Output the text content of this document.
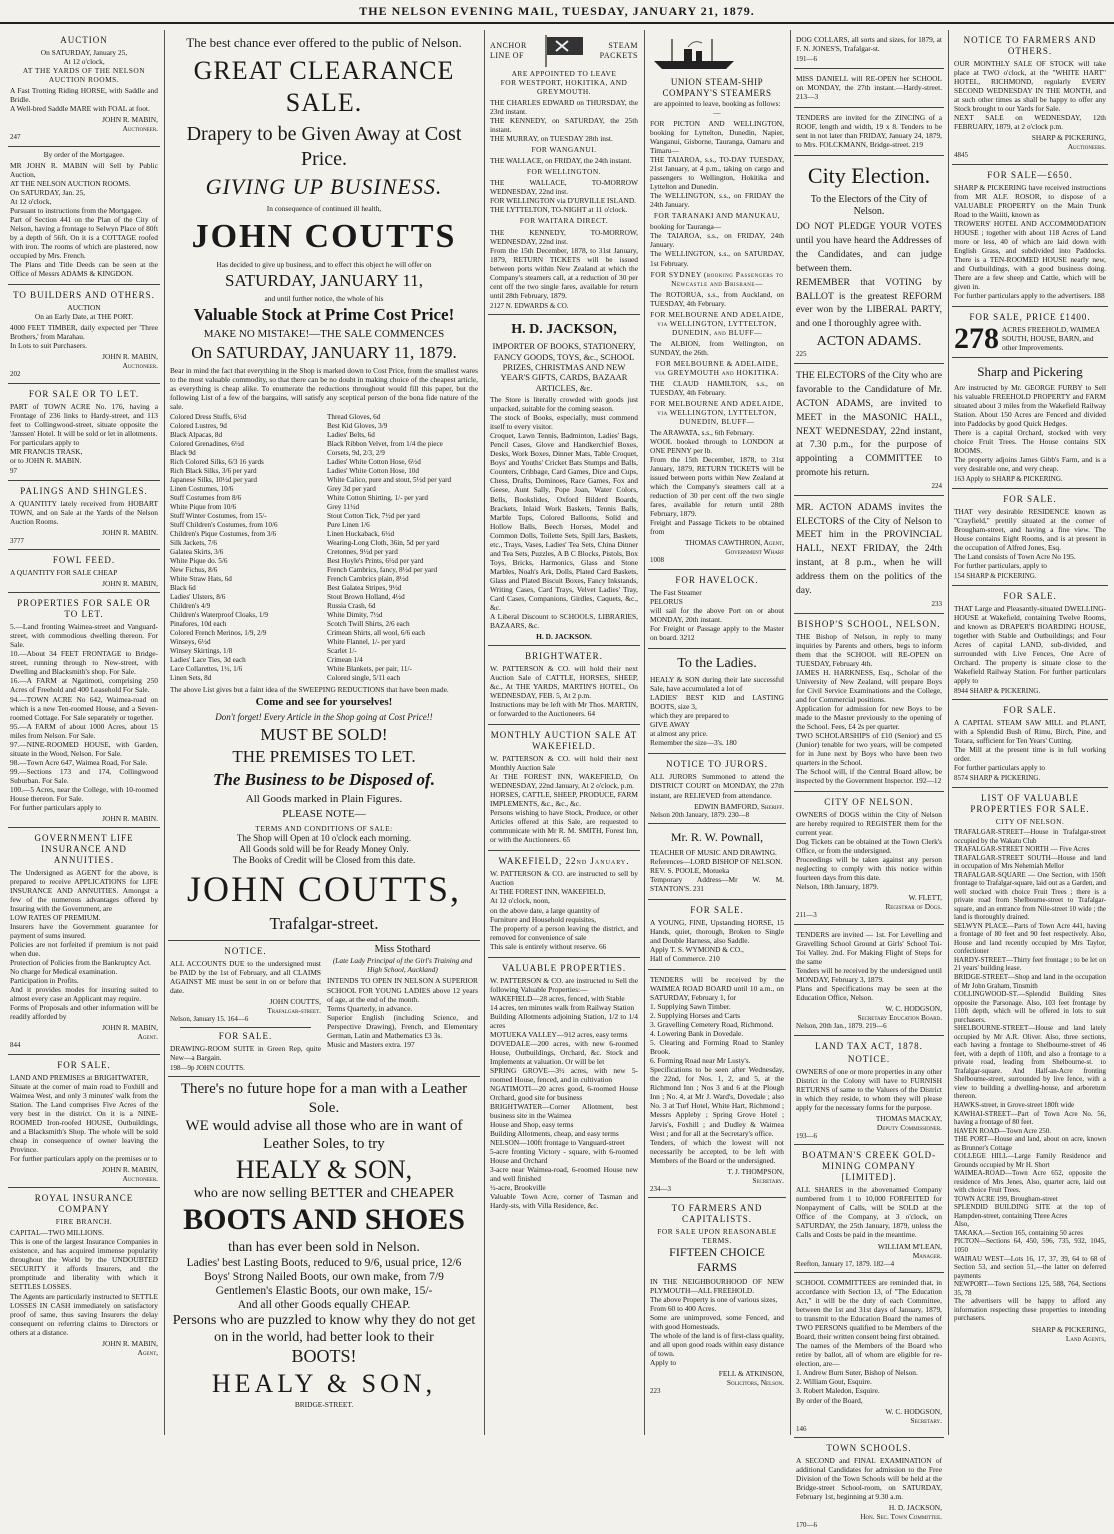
THE NELSON EVENING MAIL, TUESDAY, JANUARY 21, 1879.
AUCTION
On SATURDAY, January 25,
At 12 o'clock,
AT THE YARDS OF THE NELSON
AUCTION ROOMS.
A Fast Trotting Riding HORSE, with Saddle and Bridle.
A Well-bred Saddle MARE with FOAL at foot.
JOHN R. MABIN,
Auctioneer.
247
By order of the Mortgagee.
MR JOHN R. MABIN will Sell by Public Auction,
AT THE NELSON AUCTION ROOMS.
On SATURDAY, Jan. 25,
At 12 o'clock,
Pursuant to instructions from the Mortgagee.
Part of Section 441 on the Plan of the City of Nelson, having a frontage to Selwyn Place of 80ft by a depth of 56ft. On it is a COTTAGE roofed with iron. The rooms of which are plastered, now occupied by Mrs. French.
The Plans and Title Deeds can be seen at the Office of Messrs ADAMS & KINGDON.
TO BUILDERS AND OTHERS.
AUCTION
On an Early Date, at THE PORT.
4000 FEET TIMBER, daily expected per 'Three Brothers,' from Marahau.
In Lots to suit Purchasers.
JOHN R. MABIN,
Auctioneer.
202
FOR SALE OR TO LET.
PART of TOWN ACRE No. 176, having a Frontage of 236 links to Hardy-street, and 113 feet to Collingwood-street, situate opposite the 'Janssen' Hotel. It will be sold or let in allotments.
For particulars apply to
MR FRANCIS TRASK,
or to JOHN R. MABIN.
97
PALINGS AND SHINGLES.
A QUANTITY lately received from HOBART TOWN, and on Sale at the Yards of the Nelson Auction Rooms.
JOHN R. MABIN.
3777
FOWL FEED.
A QUANTITY FOR SALE CHEAP
JOHN R. MABIN,
PROPERTIES FOR SALE OR TO LET.
5.—Land fronting Waimea-street and Vanguard-street, with commodious dwelling thereon. For Sale.
10.—About 34 FEET FRONTAGE to Bridge-street, running through to New-street, with Dwelling and Blacksmith's shop. For Sale.
16.—A FARM at Ngatimoti, comprising 250 Acres of Freehold and 400 Leasehold For Sale.
94.—TOWN ACRE No 642, Waimea-road on which is a new Ten-roomed House, and a Seven-roomed Cottage. For Sale separately or together.
95.—A FARM of about 1000 Acres, about 15 miles from Nelson. For Sale.
97.—NINE-ROOMED HOUSE, with Garden, situate in the Wood, Nelson. For Sale.
98.—Town Acre 647, Waimea Road, For Sale.
99.—Sections 173 and 174, Collingwood Suburban. For Sale.
100.—5 Acres, near the College, with 10-roomed House thereon. For Sale.
For further particulars apply to
JOHN R. MABIN.
GOVERNMENT LIFE INSURANCE AND ANNUITIES.
The Undersigned as AGENT for the above, is prepared to receive APPLICATIONS for LIFE INSURANCE AND ANNUITIES. Amongst a few of the numerous advantages offered by Insuring with the Government, are
LOW RATES OF PREMIUM.
Insurers have the Government guarantee for payment of sums insured.
Policies are not forfeited if premium is not paid when due.
Protection of Policies from the Bankruptcy Act.
No charge for Medical examination.
Participation in Profits.
And it provides modes for insuring suited to almost every case an Applicant may require.
Forms of Proposals and other information will be readily afforded by
JOHN R. MABIN,
Agent.
844
FOR SALE.
LAND AND PREMISES at BRIGHTWATER,
Situate at the corner of main road to Foxhill and Waimea West, and only 3 minutes' walk from the Station. The Land comprises Five Acres of the very best in the district. On it is a NINE-ROOMED Iron-roofed HOUSE, Outbuildings, and a Blacksmith's Shop. The whole will be sold cheap in consequence of owner leaving the Province.
For further particulars apply on the premises or to
JOHN R. MABIN,
Auctioneer.
ROYAL INSURANCE COMPANY
FIRE BRANCH.
CAPITAL—TWO MILLIONS.
This is one of the largest Insurance Companies in existence, and has acquired immense popularity throughout the World by the UNDOUBTED SECURITY it affords Insurers, and the promptitude and liberality with which it SETTLES LOSSES.
The Agents are particularly instructed to SETTLE LOSSES IN CASH immediately on satisfactory proof of same, thus saving Insurers the delay consequent on referring claims to Directors or others at a distance.
JOHN R. MABIN,
Agent,
The best chance ever offered to the public of Nelson.
GREAT CLEARANCE SALE.
Drapery to be Given Away at Cost Price.
GIVING UP BUSINESS.
In consequence of continued ill health,
JOHN COUTTS
Has decided to give up business, and to effect this object he will offer on
SATURDAY, JANUARY 11,
and until further notice, the whole of his
Valuable Stock at Prime Cost Price!
MAKE NO MISTAKE!—THE SALE COMMENCES
On SATURDAY, JANUARY 11, 1879.
Bear in mind the fact that everything in the Shop is marked down to Cost Price, from the smallest wares to the most valuable commodity, so that there can be no doubt in making choice of the cheapest article, as everything is cheap alike. To enumerate the reductions throughout would fill this paper, but the following List of a few of the bargains, will satisfy any sceptical person of the bona fide nature of the sale.
Colored Dress Stuffs, 6½d
Colored Lustres, 9d
Black Alpacas, 8d
Colored Grenadines, 6½d
Black 9d
Rich Colored Silks, 6/3 16 yards
Rich Black Silks, 3/6 per yard
Japanese Silks, 10½d per yard
Linen Costumes, 10/6
Stuff Costumes from 8/6
White Pique from 10/6
Stuff Winter Costumes, from 15/-
Stuff Children's Costumes, from 10/6
Children's Pique Costumes, from 3/6
Silk Jackets, 7/6
Galatea Skirts, 3/6
White Pique do. 5/6
New Fichus, 8/6
White Straw Hats, 6d
Black 6d
Ladies' Ulsters, 8/6
Children's 4/9
Children's Waterproof Cloaks, 1/9
Pinafores, 10d each
Colored French Merinos, 1/9, 2/9
Winseys, 6½d
Winsey Skirtings, 1/8
Ladies' Lace Ties, 3d each
Lace Collarettes, 1½, 1/6
Linen Sets, 8d
Thread Gloves, 6d
Best Kid Gloves, 3/9
Ladies' Belts, 6d
Black Ribbon Velvet, from 1/4 the piece
Corsets, 9d, 2/3, 2/9
Ladies' White Cotton Hose, 6½d
Ladies' White Cotton Hose, 10d
White Calico, pure and stout, 5½d per yard
Grey 3d per yard
White Cotton Shirting, 1/- per yard
Grey 11½d
Stout Cotton Tick, 7½d per yard
Pure Linen 1/6
Linen Huckaback, 6½d
Wearing-Long Cloth, 36in, 5d per yard
Cretonnes, 9½d per yard
Best Hoyle's Prints, 6½d per yard
French Cambrics, fancy, 8½d per yard
French Cambrics plain, 8½d
Best Galatea Stripes, 9½d
Stout Brown Holland, 4½d
Russia Crash, 6d
White Dimity, 7½d
Scotch Twill Shirts, 2/6 each
Crimean Shirts, all wool, 6/6 each
White Flannel, 1/- per yard
Scarlet 1/-
Crimean 1/4
White Blankets, per pair, 11/-
Colored single, 5/11 each
The above List gives but a faint idea of the SWEEPING REDUCTIONS that have been made.
Come and see for yourselves!
Don't forget! Every Article in the Shop going at Cost Price!!
MUST BE SOLD!
THE PREMISES TO LET.
The Business to be Disposed of.
All Goods marked in Plain Figures.
PLEASE NOTE—
TERMS AND CONDITIONS OF SALE:
The Shop will Open at 10 o'clock each morning.
All Goods sold will be for Ready Money Only.
The Books of Credit will be Closed from this date.
JOHN COUTTS,
Trafalgar-street.
NOTICE.
ALL ACCOUNTS DUE to the undersigned must be PAID by the 1st of February, and all CLAIMS AGAINST ME must be sent in on or before that date.
JOHN COUTTS,
Trafalgar-street.
Nelson, January 15. 164—6
FOR SALE.
DRAWING-ROOM SUITE in Green Rep, quite New—a Bargain.
198—9p JOHN COUTTS.
Miss Stothard
(Late Lady Principal of the Girl's Training and High School, Auckland)
INTENDS TO OPEN IN NELSON A SUPERIOR SCHOOL FOR YOUNG LADIES above 12 years of age, at the end of the month.
Terms Quarterly, in advance.
Superior English (including Science, and Perspective Drawing), French, and Elementary German, Latin and Mathematics £3 3s.
Music and Masters extra. 197
There's no future hope for a man with a Leather Sole.
WE would advise all those who are in want of Leather Soles, to try
HEALY & SON,
who are now selling BETTER and CHEAPER
BOOTS AND SHOES
than has ever been sold in Nelson.
Ladies' best Lasting Boots, reduced to 9/6, usual price, 12/6
Boys' Strong Nailed Boots, our own make, from 7/9
Gentlemen's Elastic Boots, our own make, 15/-
And all other Goods equally CHEAP.
Persons who are puzzled to know why they do not get on in the world, had better look to their
BOOTS!
HEALY & SON,
BRIDGE-STREET.
ANCHOR
LINE OF
STEAM
PACKETS
ARE APPOINTED TO LEAVE
FOR WESTPORT, HOKITIKA, AND GREYMOUTH.
THE CHARLES EDWARD on THURSDAY, the 23rd instant.
THE KENNEDY, on SATURDAY, the 25th instant.
THE MURRAY, on TUESDAY 28th inst.
FOR WANGANUI.
THE WALLACE, on FRIDAY, the 24th instant.
FOR WELLINGTON.
THE WALLACE, TO-MORROW WEDNESDAY, 22nd inst.
FOR WELLINGTON via D'URVILLE ISLAND.
THE LYTTELTON, TO-NIGHT at 11 o'clock.
FOR WAITARA DIRECT.
THE KENNEDY, TO-MORROW, WEDNESDAY, 22nd inst.
From the 15th December, 1878, to 31st January, 1879, RETURN TICKETS will be issued between ports within New Zealand at which the Company's steamers call, at a reduction of 30 per cent off the two single fares, available for return until 28th February, 1879.
2127 N. EDWARDS & CO.
H. D. JACKSON,
IMPORTER OF BOOKS, STATIONERY, FANCY GOODS, TOYS, &c., SCHOOL PRIZES, CHRISTMAS AND NEW YEAR'S GIFTS, CARDS, BAZAAR ARTICLES, &c.
The Store is literally crowded with goods just unpacked, suitable for the coming season.
The stock of Books, especially, must commend itself to every visitor.
Croquet, Lawn Tennis, Badminton, Ladies' Bags, Pencil Cases, Glove and Handkerchief Boxes, Desks, Work Boxes, Dinner Mats, Table Croquet, Boys' and Youths' Cricket Bats Stumps and Balls, Counters, Cribbage, Card Games, Dice and Cups, Chess, Drafts, Dominoes, Race Games, Fox and Geese, Aunt Sally, Pope Joan, Water Colors, Bells, Bookslides, Oxford Bilderd Boards, Brackets, Inlaid Work Baskets, Tennis Balls, Marble Tops, Colored Balloons, Solid and Hollow Balls, Beech Horses, Model and Common Dolls, Toilette Sets, Spill Jars, Baskets, etc., Trays, Vases, Ladies' Tea Sets, China Dinner and Tea Sets, Puzzles, A B C Blocks, Pistols, Box Toys, Bricks, Harmonics, Glass and Stone Marbles, Noah's Ark, Dolls, Plated Card Baskets, Glass and Plated Biscuit Boxes, Fancy Inkstands, Writing Cases, Card Trays, Velvet Ladies' Tray, Card Cases, Companions, Girdles, Caquets, &c., &c.
A Liberal Discount to SCHOOLS, LIBRARIES, BAZAARS, &c.
H. D. JACKSON.
BRIGHTWATER.
W. PATTERSON & CO. will hold their next Auction Sale of CATTLE, HORSES, SHEEP, &c., At THE YARDS, MARTIN'S HOTEL, On WEDNESDAY, FEB. 5, At 2 p.m.
Instructions may be left with Mr Thos. MARTIN, or forwarded to the Auctioneers. 64
MONTHLY AUCTION SALE AT WAKEFIELD.
W. PATTERSON & CO. will hold their next Monthly Auction Sale
At THE FOREST INN, WAKEFIELD, On WEDNESDAY, 22nd January, At 2 o'clock, p.m.
HORSES, CATTLE, SHEEP, PRODUCE, FARM IMPLEMENTS, &c., &c., &c.
Persons wishing to have Stock, Produce, or other Articles offered at this Sale, are requested to communicate with Mr R. M. SMITH, Forest Inn, or with the Auctioneers. 65
WAKEFIELD, 22nd January.
W. PATTERSON & CO. are instructed to sell by Auction
At THE FOREST INN, WAKEFIELD,
At 12 o'clock, noon,
on the above date, a large quantity of
Furniture and Household requisites,
The property of a person leaving the district, and removed for convenience of sale
This sale is entirely without reserve. 66
VALUABLE PROPERTIES.
W. PATTERSON & CO. are instructed to Sell the following Valuable Properties:—
WAKEFIELD—28 acres, fenced, with Stable
14 acres, ten minutes walk from Railway Station
Building Allotments adjoining Station, 1/2 to 1/4 acres
MOTUEKA VALLEY—912 acres, easy terms
DOVEDALE—200 acres, with new 6-roomed House, Outbuildings, Orchard, &c. Stock and Implements at valuation. Or will be let
SPRING GROVE—3½ acres, with new 5-roomed House, fenced, and in cultivation
NGATIMOTI—20 acres good, 6-roomed House Orchard, good site for business
BRIGHTWATER—Corner Allotment, best business site in the Waimea
House and Shop, easy terms
Building Allotments, cheap, and easy terms
NELSON—100ft frontage to Vanguard-street
5-acre fronting Victory - square, with 6-roomed House and Orchard
3-acre near Waimea-road, 6-roomed House new and well finished
½-acre, Brookville
Valuable Town Acre, corner of Tasman and Hardy-sts, with Villa Residence, &c.
UNION STEAM-SHIP COMPANY'S STEAMERS
are appointed to leave, booking as follows:—
FOR PICTON AND WELLINGTON, booking for Lyttelton, Dunedin, Napier, Wanganui, Gisborne, Tauranga, Oamaru and Timaru—
THE TAIAROA, s.s., TO-DAY TUESDAY, 21st January, at 4 p.m., taking on cargo and passengers to Wellington, Hokitika and Lyttelton and Dunedin.
The WELLINGTON, s.s., on FRIDAY the 24th January.
FOR TARANAKI AND MANUKAU,
booking for Tauranga—
The TAIAROA, s.s., on FRIDAY, 24th January.
The WELLINGTON, s.s., on SATURDAY, 1st February.
FOR SYDNEY (booking Passengers to Newcastle and Brisbane—
The ROTORUA, s.s., from Auckland, on TUESDAY, 4th February.
FOR MELBOURNE AND ADELAIDE, via WELLINGTON, LYTTELTON, DUNEDIN, and BLUFF—
The ALBION, from Wellington, on SUNDAY, the 26th.
FOR MELBOURNE & ADELAIDE, via GREYMOUTH and HOKITIKA.
THE CLAUD HAMILTON, s.s., on TUESDAY, 4th February.
FOR MELBOURNE AND ADELAIDE, via WELLINGTON, LYTTELTON, DUNEDIN, BLUFF—
The ARAWATA, s.s., 6th February.
WOOL booked through to LONDON at ONE PENNY per lb.
From the 15th December, 1878, to 31st January, 1879, RETURN TICKETS will be issued between ports within New Zealand at which the Company's steamers call at a reduction of 30 per cent off the two single fares, available for return until 28th February, 1879.
Freight and Passage Tickets to be obtained from
THOMAS CAWTHRON, Agent, Government Wharf
1008
FOR HAVELOCK.
The Fast Steamer
PELORUS
will sail for the above Port on or about MONDAY, 20th instant.
For Freight or Passage apply to the Master on board. 3212
To the Ladies.
HEALY & SON during their late successful Sale, have accumulated a lot of
LADIES' BEST KID and LASTING BOOTS, size 3,
which they are prepared to
GIVE AWAY
at almost any price.
Remember the size—3's. 180
NOTICE TO JURORS.
ALL JURORS Summoned to attend the DISTRICT COURT on MONDAY, the 27th instant, are RELIEVED from attendance.
EDWIN BAMFORD, Sheriff.
Nelson 20th January, 1879. 230—8
Mr. R. W. Pownall,
TEACHER OF MUSIC AND DRAWING.
References—LORD BISHOP OF NELSON.
REV. S. POOLE, Motueka
Temporary Address—Mr W. M. STANTON'S. 231
FOR SALE.
A YOUNG, FINE, Upstanding HORSE, 15 Hands, quiet, thorough, Broken to Single and Double Harness, also Saddle.
Apply T. S. WYMOND & CO.,
Hall of Commerce. 210
TENDERS will be received by the WAIMEA ROAD BOARD until 10 a.m., on SATURDAY, February 1, for
1. Supplying Sawn Timber.
2. Supplying Horses and Carts
3. Gravelling Cemetery Road, Richmond.
4. Lowering Bank in Dovedale.
5. Clearing and Forming Road to Stanley Brook.
6. Forming Road near Mr Lusty's.
Specifications to be seen after Wednesday, the 22nd, for Nos. 1, 2, and 5, at the Richmond Inn ; Nos 3 and 6 at the Plough Inn ; No. 4, at Mr J. Ward's, Dovedale ; also No. 3 at Turf Hotel, White Hart, Richmond ; Messrs Appleby ; Spring Grove Hotel ; Jarvis's, Foxhill ; and Dudley & Waimea West ; and for all at the Secretary's office.
Tenders, of which the lowest will not necessarily be accepted, to be left with Members of the Board or the undersigned.
T. J. THOMPSON,
Secretary.
234—3
TO FARMERS AND CAPITALISTS.
FOR SALE UPON REASONABLE TERMS.
FIFTEEN CHOICE FARMS
IN THE NEIGHBOURHOOD OF NEW PLYMOUTH—ALL FREEHOLD.
The above Property is one of various sizes,
From 60 to 400 Acres.
Some are unimproved, some Fenced, and with good Homesteads.
The whole of the land is of first-class quality, and all upon good roads within easy distance of town.
Apply to
FELL & ATKINSON,
Solicitors, Nelson.
223
DOG COLLARS, all sorts and sizes, for 1879, at F. N. JONES'S, Trafalgar-st.
191—6
MISS DANIELL will RE-OPEN her SCHOOL on MONDAY, the 27th instant.—Hardy-street. 213—3
TENDERS are invited for the ZINCING of a ROOF, length and width, 19 x 8. Tenders to be sent in not later than FRIDAY, January 24, 1879, to Mrs. FOLCKMANN, Bridge-street. 219
City Election.
To the Electors of the City of Nelson.
DO NOT PLEDGE YOUR VOTES until you have heard the Addresses of the Candidates, and can judge between them.
REMEMBER that VOTING by BALLOT is the greatest REFORM ever won by the LIBERAL PARTY, and one I thoroughly agree with.
ACTON ADAMS.
225
THE ELECTORS of the City who are favorable to the Candidature of Mr. ACTON ADAMS, are invited to MEET in the MASONIC HALL, NEXT WEDNESDAY, 22nd instant, at 7.30 p.m., for the purpose of appointing a COMMITTEE to promote his return.
224
MR. ACTON ADAMS invites the ELECTORS of the City of Nelson to MEET him in the PROVINCIAL HALL, NEXT FRIDAY, the 24th instant, at 8 p.m., when he will address them on the politics of the day.
233
BISHOP'S SCHOOL, NELSON.
THE Bishop of Nelson, in reply to many inquiries by Parents and others, begs to inform them that the SCHOOL will RE-OPEN on TUESDAY, February 4th.
JAMES H. HARKNESS, Esq., Scholar of the University of New Zealand, will prepare Boys for Civil Service Examinations and the College, and for Commercial positions.
Application for admission for new Boys to be made to the Master previously to the opening of the School. Fees, £4 2s per quarter.
TWO SCHOLARSHIPS of £10 (Senior) and £5 (Junior) tenable for two years, will be competed for in June next by Boys who have been two quarters in the School.
The School will, if the Central Board allow, be inspected by the Government Inspector. 192—12
CITY OF NELSON.
OWNERS of DOGS within the City of Nelson are hereby required to REGISTER them for the current year.
Dog Tickets can be obtained at the Town Clerk's Office, or from the undersigned.
Proceedings will be taken against any person neglecting to comply with this notice within fourteen days from this date.
Nelson, 18th January, 1879.
W. FLETT,
Registrar of Dogs.
211—3
TENDERS are invited — 1st. For Levelling and Gravelling School Ground at Girls' School Toi-Toi Valley. 2nd. For Making Flight of Steps for the same
Tenders will be received by the undersigned until MONDAY, February 3, 1879.
Plans and Specifications may be seen at the Education Office, Nelson.
W. C. HODGSON,
Secretary Education Board.
Nelson, 20th Jan., 1879. 219—6
LAND TAX ACT, 1878.
NOTICE.
OWNERS of one or more properties in any other District in the Colony will have to FURNISH RETURNS of same to the Valuers of the District in which they reside, to whom they will please apply for the necessary forms for the purpose.
THOMAS MACKAY,
Deputy Commissioner.
193—6
BOATMAN'S CREEK GOLD-MINING COMPANY [LIMITED].
ALL SHARES in the abovenamed Company numbered from 1 to 10,000 FORFEITED for Nonpayment of Calls, will be SOLD at the Office of the Company, at 3 o'clock, on SATURDAY, the 25th January, 1879, unless the Calls and Costs be paid in the meantime.
WILLIAM M'LEAN,
Manager.
Reefton, January 17, 1879. 182—4
SCHOOL COMMITTEES are reminded that, in accordance with Section 13, of "The Education Act," it will be the duty of each Committee, between the 1st and 31st days of January, 1879, to transmit to the Education Board the names of TWO PERSONS qualified to be Members of the Board, their written consent being first obtained.
The names of the Members of the Board who retire by ballot, all of whom are eligible for re-election, are—
1. Andrew Burn Suter, Bishop of Nelson.
2. William Gout, Esquire.
3. Robert Maledon, Esquire.
By order of the Board,
W. C. HODGSON,
Secretary.
146
TOWN SCHOOLS.
A SECOND and FINAL EXAMINATION of additional Candidates for admission to the Free Division of the Town Schools will be held at the Bridge-street School-room, on SATURDAY, February 1st, beginning at 9.30 a.m.
H. D. JACKSON,
Hon. Sec. Town Committee.
170—6
NOTICE TO FARMERS AND OTHERS.
OUR MONTHLY SALE OF STOCK will take place at TWO o'clock, at the "WHITE HART" HOTEL, RICHMOND, regularly EVERY SECOND WEDNESDAY IN THE MONTH, and at such other times as shall be happy to offer any Stock brought to our Yards for Sale.
NEXT SALE on WEDNESDAY, 12th FEBRUARY, 1879, at 2 o'clock p.m.
SHARP & PICKERING,
Auctioneers.
4845
FOR SALE—£650.
SHARP & PICKERING have received instructions from MR ALF. ROSOR, to dispose of a VALUABLE PROPERTY on the Main Trunk Road to the Waiiti, known as
TROWERS' HOTEL AND ACCOMMODATION HOUSE ; together with about 118 Acres of Land more or less, 40 of which are laid down with English Grass, and subdivided into Paddocks. There is a TEN-ROOMED HOUSE nearly new, and Outbuildings, with a good business doing. There are a few sheep and Cattle, which will be given in.
For further particulars apply to the advertisers. 188
FOR SALE, PRICE £1400.
278 ACRES FREEHOLD, WAIMEA SOUTH, HOUSE, BARN, and other Improvements.
Sharp and Pickering
Are instructed by Mr. GEORGE FURBY to Sell his valuable FREEHOLD PROPERTY and FARM situated about 3 miles from the Wakefield Railway Station. About 150 Acres are Fenced and divided into Paddocks by good Quick Hedges.
There is a capital Orchard, stocked with very choice Fruit Trees. The House contains SIX ROOMS.
The property adjoins James Gibb's Farm, and is a very desirable one, and very cheap.
163 Apply to SHARP & PICKERING.
FOR SALE.
THAT very desirable RESIDENCE known as "Crayfield," prettily situated at the corner of Brougham-street, and having a fine view. The House contains Eight Rooms, and is at present in the occupation of Alfred Jones, Esq.
The Land consists of Town Acre No 195.
For further particulars, apply to
154 SHARP & PICKERING.
FOR SALE.
THAT Large and Pleasantly-situated DWELLING-HOUSE at Wakefield, containing Twelve Rooms, and known as DRAPER'S BOARDING HOUSE, together with Stable and Outbuildings; and Four Acres of capital LAND, sub-divided, and surrounded with Live Fences, One Acre of Orchard. The property is situate close to the Wakefield Railway Station. For further particulars apply to
8944 SHARP & PICKERING.
FOR SALE.
A CAPITAL STEAM SAW MILL and PLANT, with a Splendid Bush of Rimu, Birch, Pine, and Totara, sufficient for Ten Years' Cutting.
The Mill at the present time is in full working order.
For further particulars apply to
8574 SHARP & PICKERING.
LIST OF VALUABLE PROPERTIES FOR SALE.
CITY OF NELSON.
TRAFALGAR-STREET—House in Trafalgar-street occupied by the Wakatu Club
TRAFALGAR-STREET NORTH — Five Acres
TRAFALGAR-STREET SOUTH—House and land in occupation of Mrs Nehemiah Mellor
TRAFALGAR-SQUARE — One Section, with 150ft frontage to Trafalgar-square, laid out as a Garden, and well stocked with choice Fruit Trees ; there is a private road from Shelbourne-street to Trafalgar-square, and an entrance from Nile-street 10 wide ; the land is thoroughly drained.
SELWYN PLACE—Parts of Town Acre 441, having a frontage of 80 feet and 90 feet respectively. Also, House and land recently occupied by Mrs Taylor, confectioner
HARDY-STREET—Thirty feet frontage ; to be let on 21 years' building lease.
BRIDGE-STREET—Shop and land in the occupation of Mr John Graham, Tinsmith
COLLINGWOOD-ST.—Splendid Building Sites opposite the Parsonage. Also, 103 feet frontage by 110ft depth, which will be offered in lots to suit purchasers.
SHELBOURNE-STREET—House and land lately occupied by Mr A.R. Oliver. Also, three sections, each having a frontage to Shelbourne-street of 46 feet, with a depth of 110ft, and also a frontage to a private road, leading from Shelbourne-st. to Trafalgar-square. And Half-an-Acre fronting Shelbourne-street, surrounded by live fence, with a view to building a dwelling-house, and arboretum thereon.
HAWKS-street, in Grove-street 180ft wide
KAWHAI-STREET—Part of Town Acre No. 56, having a frontage of 80 feet.
HAVEN ROAD—Town Acre 250.
THE PORT—House and land, about on acre, known as Brunner's Cottage
COLLEGE HILL—Large Family Residence and Grounds occupied by Mr H. Short
WAIMEA-ROAD—Town Acre 652, opposite the residence of Mrs Jenes, Also, quarter acre, laid out with choice Fruit Trees.
TOWN ACRE 199, Brougham-street
SPLENDID BUILDING SITE at the top of Hampden-street, containing Three Acres
Also,
TAKAKA.—Section 165, containing 50 acres
PICTON—Sections 64, 450, 596, 735, 932, 1045, 1050
WAIRAU WEST—Lots 16, 17, 37, 39, 64 to 68 of Section 53, and section 51,—the latter on deferred payments
NEWPORT—Town Sections 125, 588, 764, Sections 35, 78
The advertisers will be happy to afford any information respecting these properties to intending purchasers.
SHARP & PICKERING,
Land Agents,
